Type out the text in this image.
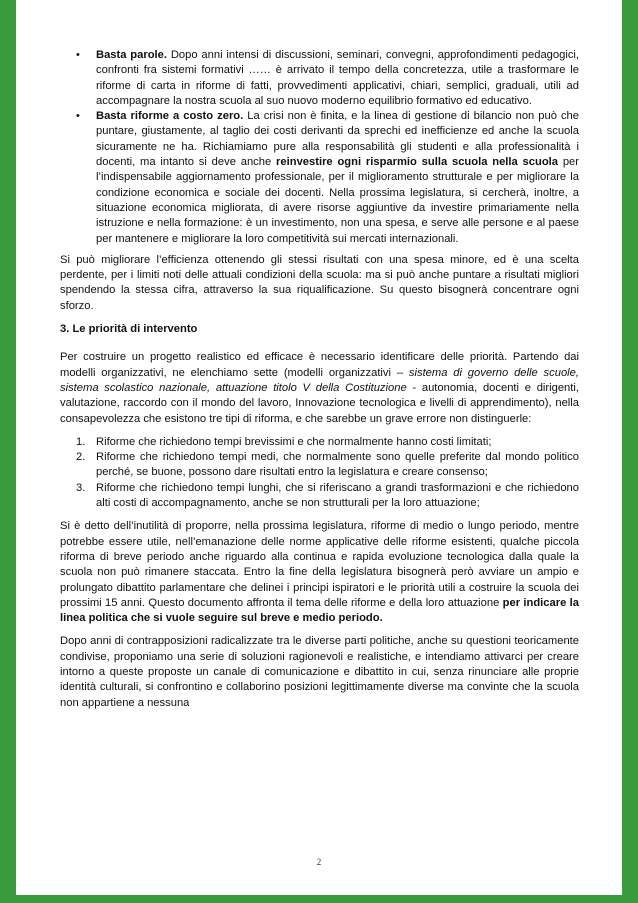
• Basta parole. Dopo anni intensi di discussioni, seminari, convegni, approfondimenti pedagogici, confronti fra sistemi formativi …… è arrivato il tempo della concretezza, utile a trasformare le riforme di carta in riforme di fatti, provvedimenti applicativi, chiari, semplici, graduali, utili ad accompagnare la nostra scuola al suo nuovo moderno equilibrio formativo ed educativo.
• Basta riforme a costo zero. La crisi non è finita, e la linea di gestione di bilancio non può che puntare, giustamente, al taglio dei costi derivanti da sprechi ed inefficienze ed anche la scuola sicuramente ne ha. Richiamiamo pure alla responsabilità gli studenti e alla professionalità i docenti, ma intanto si deve anche reinvestire ogni risparmio sulla scuola nella scuola per l’indispensabile aggiornamento professionale, per il miglioramento strutturale e per migliorare la condizione economica e sociale dei docenti. Nella prossima legislatura, si cercherà, inoltre, a situazione economica migliorata, di avere risorse aggiuntive da investire primariamente nella istruzione e nella formazione: è un investimento, non una spesa, e serve alle persone e al paese per mantenere e migliorare la loro competitività sui mercati internazionali.

Si può migliorare l’efficienza ottenendo gli stessi risultati con una spesa minore, ed è una scelta perdente, per i limiti noti delle attuali condizioni della scuola: ma si può anche puntare a risultati migliori spendendo la stessa cifra, attraverso la sua riqualificazione. Su questo bisognerà concentrare ogni sforzo.

3. Le priorità di intervento

Per costruire un progetto realistico ed efficace è necessario identificare delle priorità. Partendo dai modelli organizzativi, ne elenchiamo sette (modelli organizzativi – sistema di governo delle scuole, sistema scolastico nazionale, attuazione titolo V della Costituzione - autonomia, docenti e dirigenti, valutazione, raccordo con il mondo del lavoro, Innovazione tecnologica e livelli di apprendimento), nella consapevolezza che esistono tre tipi di riforma, e che sarebbe un grave errore non distinguerle:

1. Riforme che richiedono tempi brevissimi e che normalmente hanno costi limitati;
2. Riforme che richiedono tempi medi, che normalmente sono quelle preferite dal mondo politico perché, se buone, possono dare risultati entro la legislatura e creare consenso;
3. Riforme che richiedono tempi lunghi, che si riferiscano a grandi trasformazioni e che richiedono alti costi di accompagnamento, anche se non strutturali per la loro attuazione;

Si è detto dell’inutilità di proporre, nella prossima legislatura, riforme di medio o lungo periodo, mentre potrebbe essere utile, nell’emanazione delle norme applicative delle riforme esistenti, qualche piccola riforma di breve periodo anche riguardo alla continua e rapida evoluzione tecnologica dalla quale la scuola non può rimanere staccata. Entro la fine della legislatura bisognerà però avviare un ampio e prolungato dibattito parlamentare che delinei i principi ispiratori e le priorità utili a costruire la scuola dei prossimi 15 anni. Questo documento affronta il tema delle riforme e della loro attuazione per indicare la linea politica che si vuole seguire sul breve e medio periodo.

Dopo anni di contrapposizioni radicalizzate tra le diverse parti politiche, anche su questioni teoricamente condivise, proponiamo una serie di soluzioni ragionevoli e realistiche, e intendiamo attivarci per creare intorno a queste proposte un canale di comunicazione e dibattito in cui, senza rinunciare alle proprie identità culturali, si confrontino e collaborino posizioni legittimamente diverse ma convinte che la scuola non appartiene a nessuna

2
